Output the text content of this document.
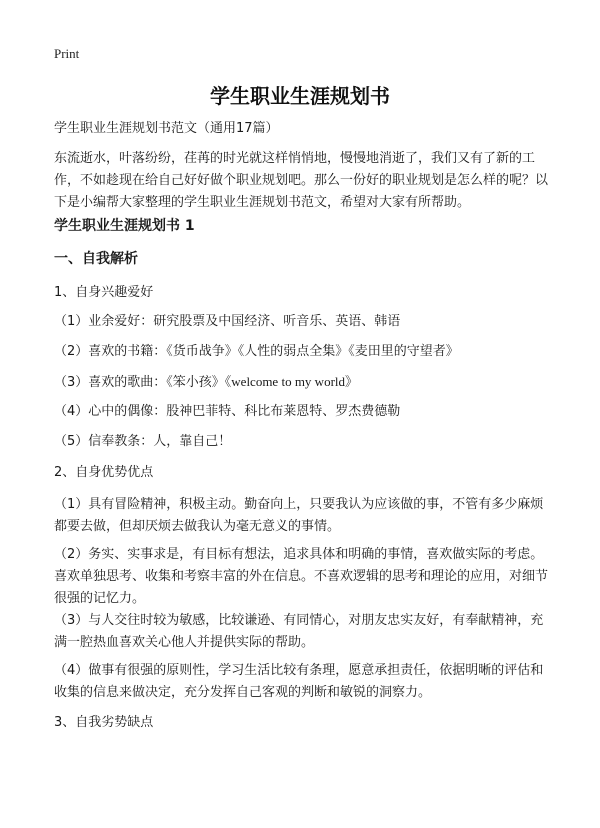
Print
学生职业生涯规划书

学生职业生涯规划书范文（通用17篇）

东流逝水，叶落纷纷，荏苒的时光就这样悄悄地，慢慢地消逝了，我们又有了新的工作，不如趁现在给自己好好做个职业规划吧。那么一份好的职业规划是怎么样的呢？以下是小编帮大家整理的学生职业生涯规划书范文，希望对大家有所帮助。

学生职业生涯规划书 1

一、自我解析

1、自身兴趣爱好

（1）业余爱好：研究股票及中国经济、听音乐、英语、韩语

（2）喜欢的书籍：《货币战争》《人性的弱点全集》《麦田里的守望者》

（3）喜欢的歌曲：《笨小孩》《welcome to my world》

（4）心中的偶像：股神巴菲特、科比布莱恩特、罗杰费德勒

（5）信奉教条：人，靠自己！

2、自身优势优点

（1）具有冒险精神，积极主动。勤奋向上，只要我认为应该做的事，不管有多少麻烦都要去做，但却厌烦去做我认为毫无意义的事情。

（2）务实、实事求是，有目标有想法，追求具体和明确的事情，喜欢做实际的考虑。喜欢单独思考、收集和考察丰富的外在信息。不喜欢逻辑的思考和理论的应用，对细节很强的记忆力。

（3）与人交往时较为敏感，比较谦逊、有同情心，对朋友忠实友好，有奉献精神，充满一腔热血喜欢关心他人并提供实际的帮助。

（4）做事有很强的原则性，学习生活比较有条理，愿意承担责任，依据明晰的评估和收集的信息来做决定，充分发挥自己客观的判断和敏锐的洞察力。

3、自我劣势缺点
